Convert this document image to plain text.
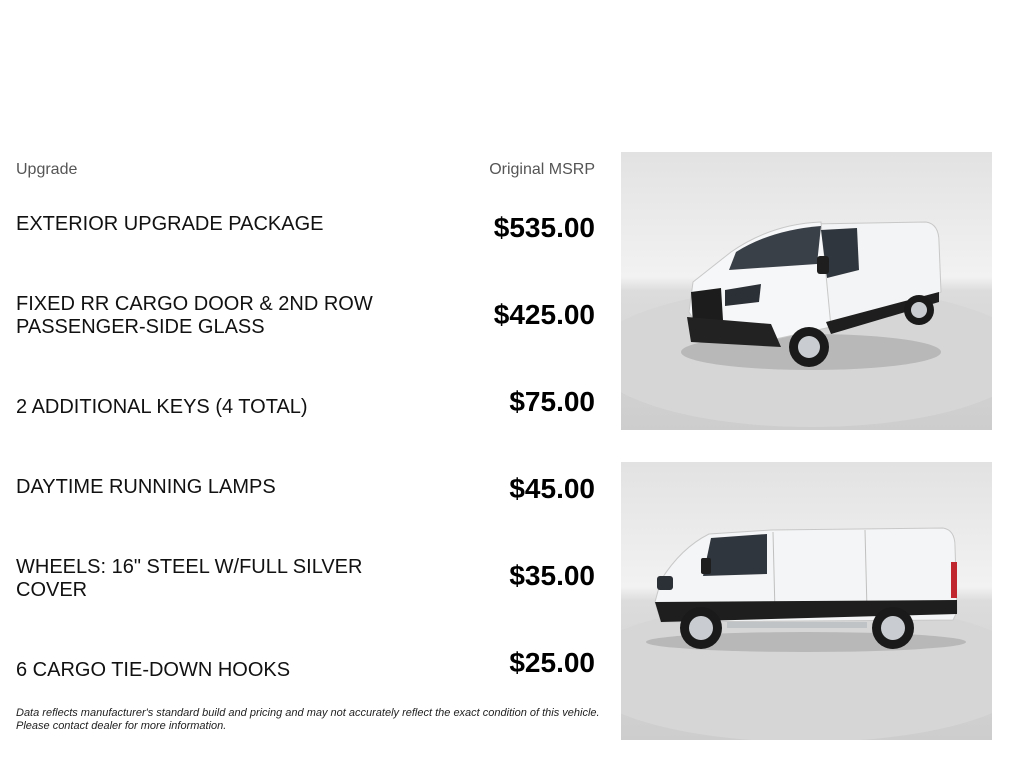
Upgrade	Original MSRP
EXTERIOR UPGRADE PACKAGE	$535.00
FIXED RR CARGO DOOR & 2ND ROW PASSENGER-SIDE GLASS	$425.00
2 ADDITIONAL KEYS (4 TOTAL)	$75.00
DAYTIME RUNNING LAMPS	$45.00
WHEELS: 16" STEEL W/FULL SILVER COVER	$35.00
6 CARGO TIE-DOWN HOOKS	$25.00
Data reflects manufacturer's standard build and pricing and may not accurately reflect the exact condition of this vehicle. Please contact dealer for more information.
